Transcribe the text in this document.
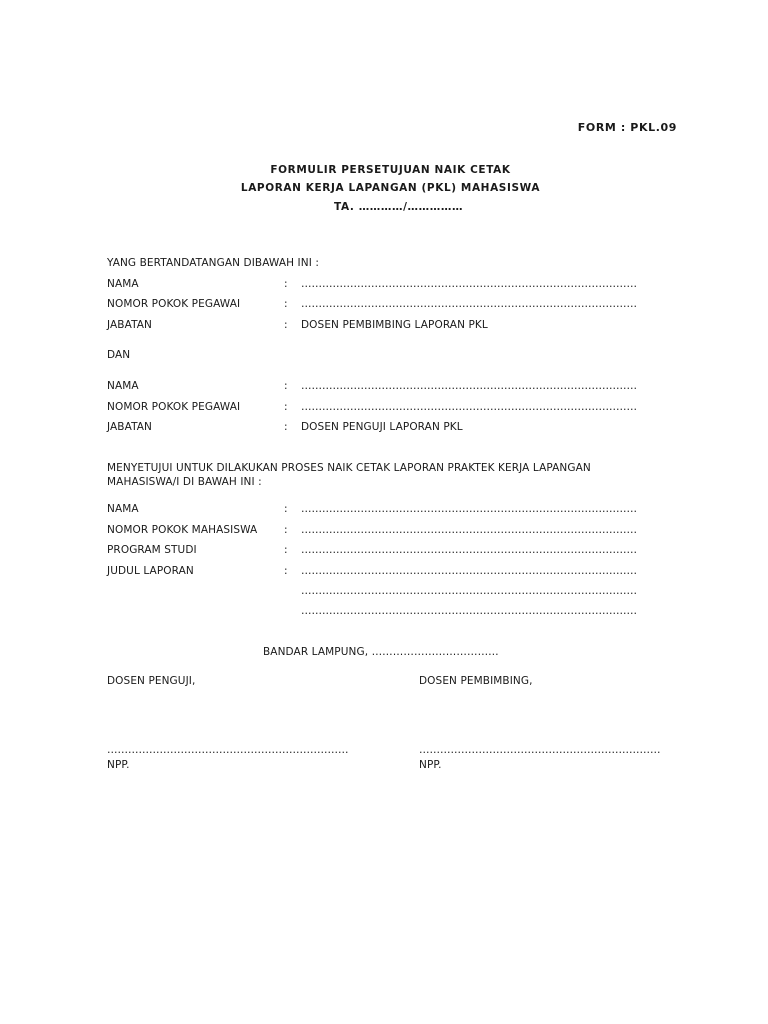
FORM : PKL.09
FORMULIR PERSETUJUAN NAIK CETAK
LAPORAN KERJA LAPANGAN (PKL) MAHASISWA
TA. …………/……………
YANG BERTANDATANGAN DIBAWAH INI :
NAMA	: ……………………………………………………………………………………
NOMOR POKOK PEGAWAI	: ……………………………………………………………………………………
JABATAN	: DOSEN PEMBIMBING LAPORAN PKL
DAN
NAMA	: ……………………………………………………………………………………
NOMOR POKOK PEGAWAI	: ……………………………………………………………………………………
JABATAN	: DOSEN PENGUJI LAPORAN PKL
MENYETUJUI UNTUK DILAKUKAN PROSES NAIK CETAK LAPORAN PRAKTEK KERJA LAPANGAN
MAHASISWA/I DI BAWAH INI :
NAMA	: ……………………………………………………………………………………
NOMOR POKOK MAHASISWA	: ……………………………………………………………………………………
PROGRAM STUDI	: ……………………………………………………………………………………
JUDUL LAPORAN	: ……………………………………………………………………………………
……………………………………………………………………………………
……………………………………………………………………………………
BANDAR LAMPUNG, ………………………………
DOSEN PENGUJI,	DOSEN PEMBIMBING,
……………………………………………………………	……………………………………………………………
NPP.	NPP.
